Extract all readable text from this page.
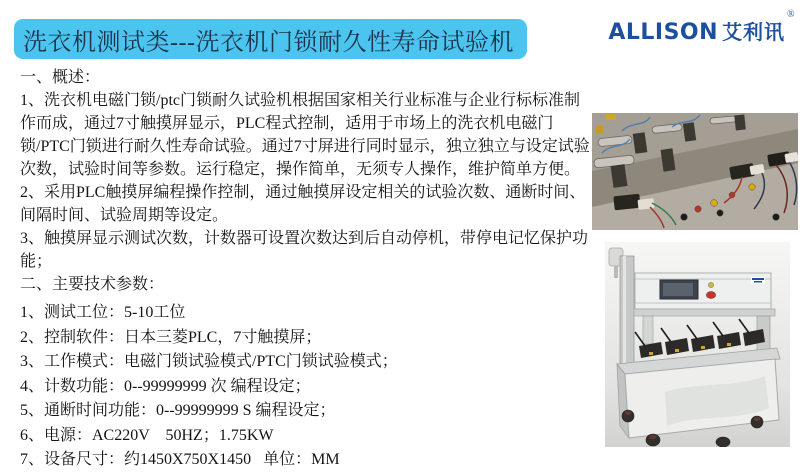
洗衣机测试类---洗衣机门锁耐久性寿命试验机	ALLISON 艾利讯®
一、概述：

1、洗衣机电磁门锁/ptc门锁耐久试验机根据国家相关行业标准与企业行标标准制作而成，通过7寸触摸屏显示，PLC程式控制，适用于市场上的洗衣机电磁门锁/PTC门锁进行耐久性寿命试验。通过7寸屏进行同时显示，独立独立与设定试验次数，试验时间等参数。运行稳定，操作简单，无须专人操作，维护简单方便。

2、采用PLC触摸屏编程操作控制，通过触摸屏设定相关的试验次数、通断时间、间隔时间、试验周期等设定。

3、触摸屏显示测试次数，计数器可设置次数达到后自动停机，带停电记忆保护功能；

二、主要技术参数：
1、测试工位：5-10工位
2、控制软件：日本三菱PLC，7寸触摸屏；
3、工作模式：电磁门锁试验模式/PTC门锁试验模式；
4、计数功能：0--99999999 次 编程设定；
5、通断时间功能：0--99999999 S 编程设定；
6、电源：AC220V    50HZ；1.75KW
7、设备尺寸：约1450X750X1450   单位：MM
